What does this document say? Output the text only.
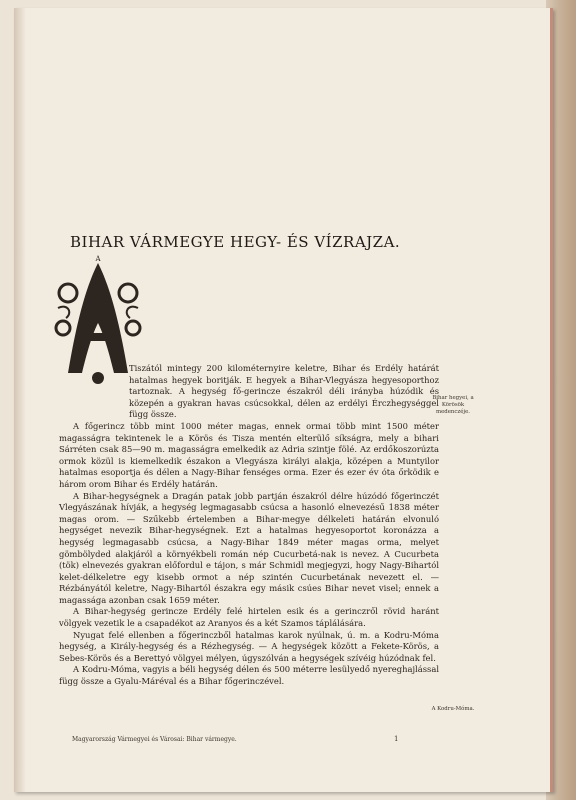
BIHAR VÁRMEGYE HEGY- ÉS VÍZRAJZA.
A

Tiszától mintegy 200 kilométernyire keletre, Bihar és Erdély határát hatalmas hegyek boritják. E hegyek a Bihar-Vlegyásza hegyesoporthoz tartoznak. A hegység fő-gerincze északról déli irányba húzódik és közepén a gyakran havas csúcsokkal, délen az erdélyi Érczhegységgel függ össze.

A főgerincz több mint 1000 méter magas, ennek ormai több mint 1500 méter magasságra tekintenek le a Körös és Tisza mentén elterülő síkságra, mely a bihari Sárréten csak 85—90 m. magasságra emelkedik az Adria szintje fölé. Az erdőkoszorúzta ormok közül is kiemelkedik északon a Vlegyásza királyi alakja, középen a Muntyilor hatalmas esoportja és délen a Nagy-Bihar fenséges orma. Ezer és ezer év óta őrködik e három orom Bihar és Erdély határán.

A Bihar-hegységnek a Dragán patak jobb partján északról délre húzódó főgerinczét Vlegyászának hívják, a hegység legmagasabb csúcsa a hasonló elnevezésű 1838 méter magas orom. — Szűkebb értelemben a Bihar-megye délkeleti határán elvonuló hegységet nevezik Bihar-hegységnek. Ezt a hatalmas hegyesoportot koronázza a hegység legmagasabb csúcsa, a Nagy-Bihar 1849 méter magas orma, melyet gömbölyded alakjáról a környékbeli román nép Cucurbetá-nak is nevez. A Cucurbeta (tök) elnevezés gyakran előfordul e tájon, s már Schmidl megjegyzi, hogy Nagy-Bihartól kelet-délkeletre egy kisebb ormot a nép szintén Cucurbetának nevezett el. — Rézbányától keletre, Nagy-Bihartól északra egy másik csúes Bihar nevet visel; ennek a magassága azonban csak 1659 méter.

A Bihar-hegység gerincze Erdély felé hirtelen esik és a gerinczről rövid haránt völgyek vezetik le a csapadékot az Aranyos és a két Szamos táplálására.

Nyugat felé ellenben a főgerinczből hatalmas karok nyúlnak, ú. m. a Kodru-Móma hegység, a Király-hegység és a Rézhegység. — A hegységek között a Fekete-Körös, a Sebes-Körös és a Berettyó völgyei mélyen, úgyszólván a hegységek szívéig húzódnak fel.

A Kodru-Móma, vagyis a béli hegység délen és 500 méterre lesülyedő nyereghajlással függ össze a Gyalu-Máréval és a Bihar főgerinczével.

Bihar hegyei, a Körösök medenczéje.
A Kodru-Móma.
Magyarország Vármegyei és Városai: Bihar vármegye.	1
